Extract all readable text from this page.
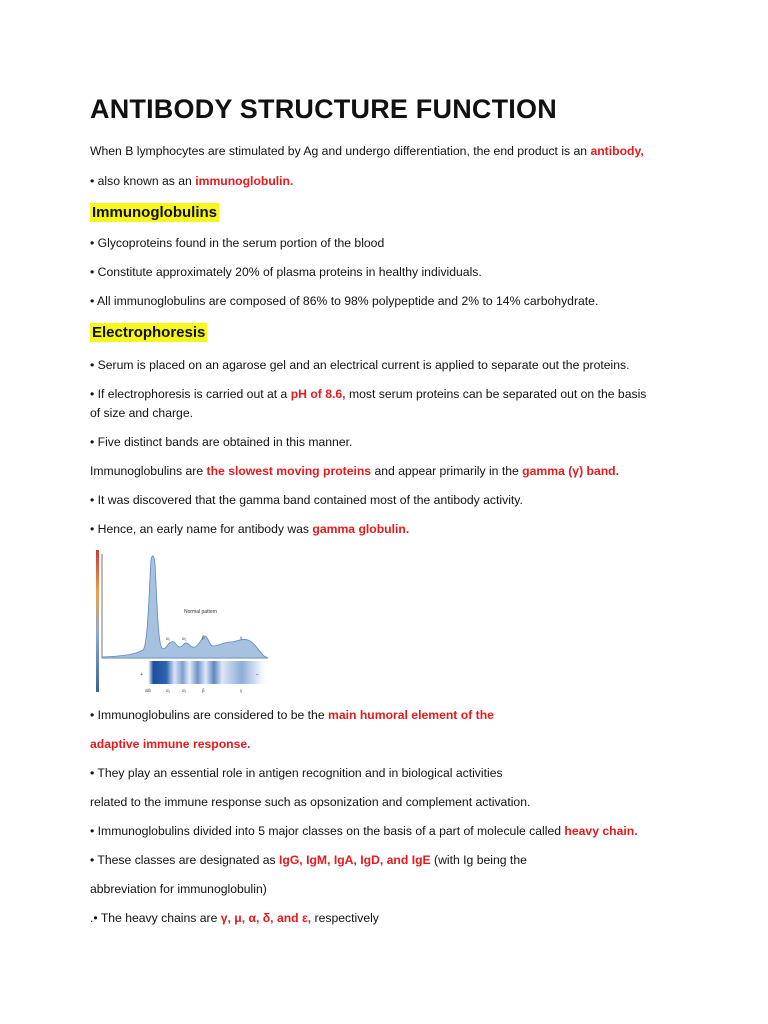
ANTIBODY STRUCTURE FUNCTION

When B lymphocytes are stimulated by Ag and undergo differentiation, the end product is an antibody,

• also known as an immunoglobulin.

Immunoglobulins

• Glycoproteins found in the serum portion of the blood

• Constitute approximately 20% of plasma proteins in healthy individuals.

• All immunoglobulins are composed of 86% to 98% polypeptide and 2% to 14% carbohydrate.

Electrophoresis

• Serum is placed on an agarose gel and an electrical current is applied to separate out the proteins.

• If electrophoresis is carried out at a pH of 8.6, most serum proteins can be separated out on the basis

of size and charge.

• Five distinct bands are obtained in this manner.

Immunoglobulins are the slowest moving proteins and appear primarily in the gamma (γ) band.

• It was discovered that the gamma band contained most of the antibody activity.

• Hence, an early name for antibody was gamma globulin.

Normal pattern
α₁	α₂	β	γ
+	–
alb	α₁	α₂	β	γ

• Immunoglobulins are considered to be the main humoral element of the

adaptive immune response.

• They play an essential role in antigen recognition and in biological activities

related to the immune response such as opsonization and complement activation.

• Immunoglobulins divided into 5 major classes on the basis of a part of molecule called heavy chain.

• These classes are designated as IgG, IgM, IgA, IgD, and IgE (with Ig being the

abbreviation for immunoglobulin)

.• The heavy chains are γ, μ, α, δ, and ε, respectively
